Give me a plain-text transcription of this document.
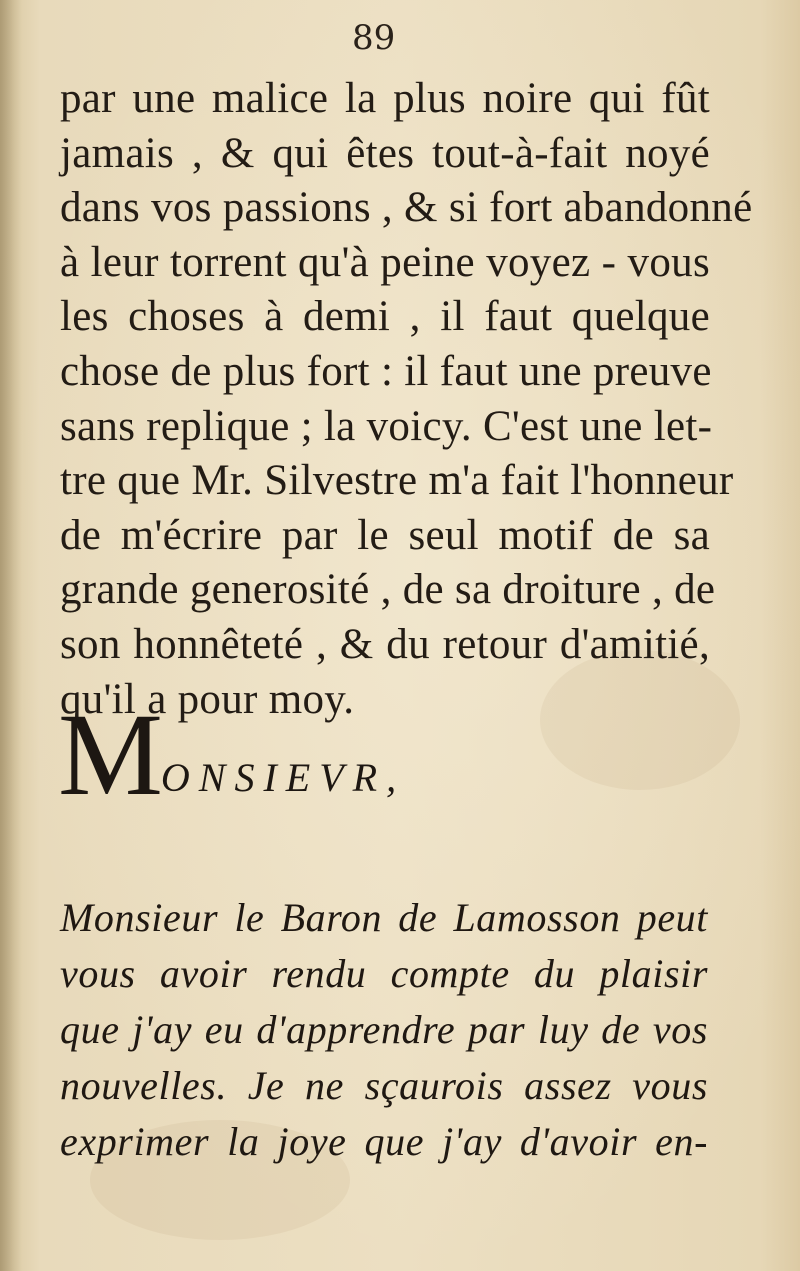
89
par une malice la plus noire qui fût
jamais , & qui êtes tout-à-fait noyé
dans vos passions , & si fort abandonné
à leur torrent qu'à peine voyez - vous
les choses à demi , il faut quelque
chose de plus fort : il faut une preuve
sans replique ; la voicy. C'est une let-
tre que Mr. Silvestre m'a fait l'honneur
de m'écrire par le seul motif de sa
grande generosité , de sa droiture , de
son honnêteté , & du retour d'amitié,
qu'il a pour moy.
MONSIEVR,
Monsieur le Baron de Lamosson peut
vous avoir rendu compte du plaisir
que j'ay eu d'apprendre par luy de vos
nouvelles. Je ne sçaurois assez vous
exprimer la joye que j'ay d'avoir en-
